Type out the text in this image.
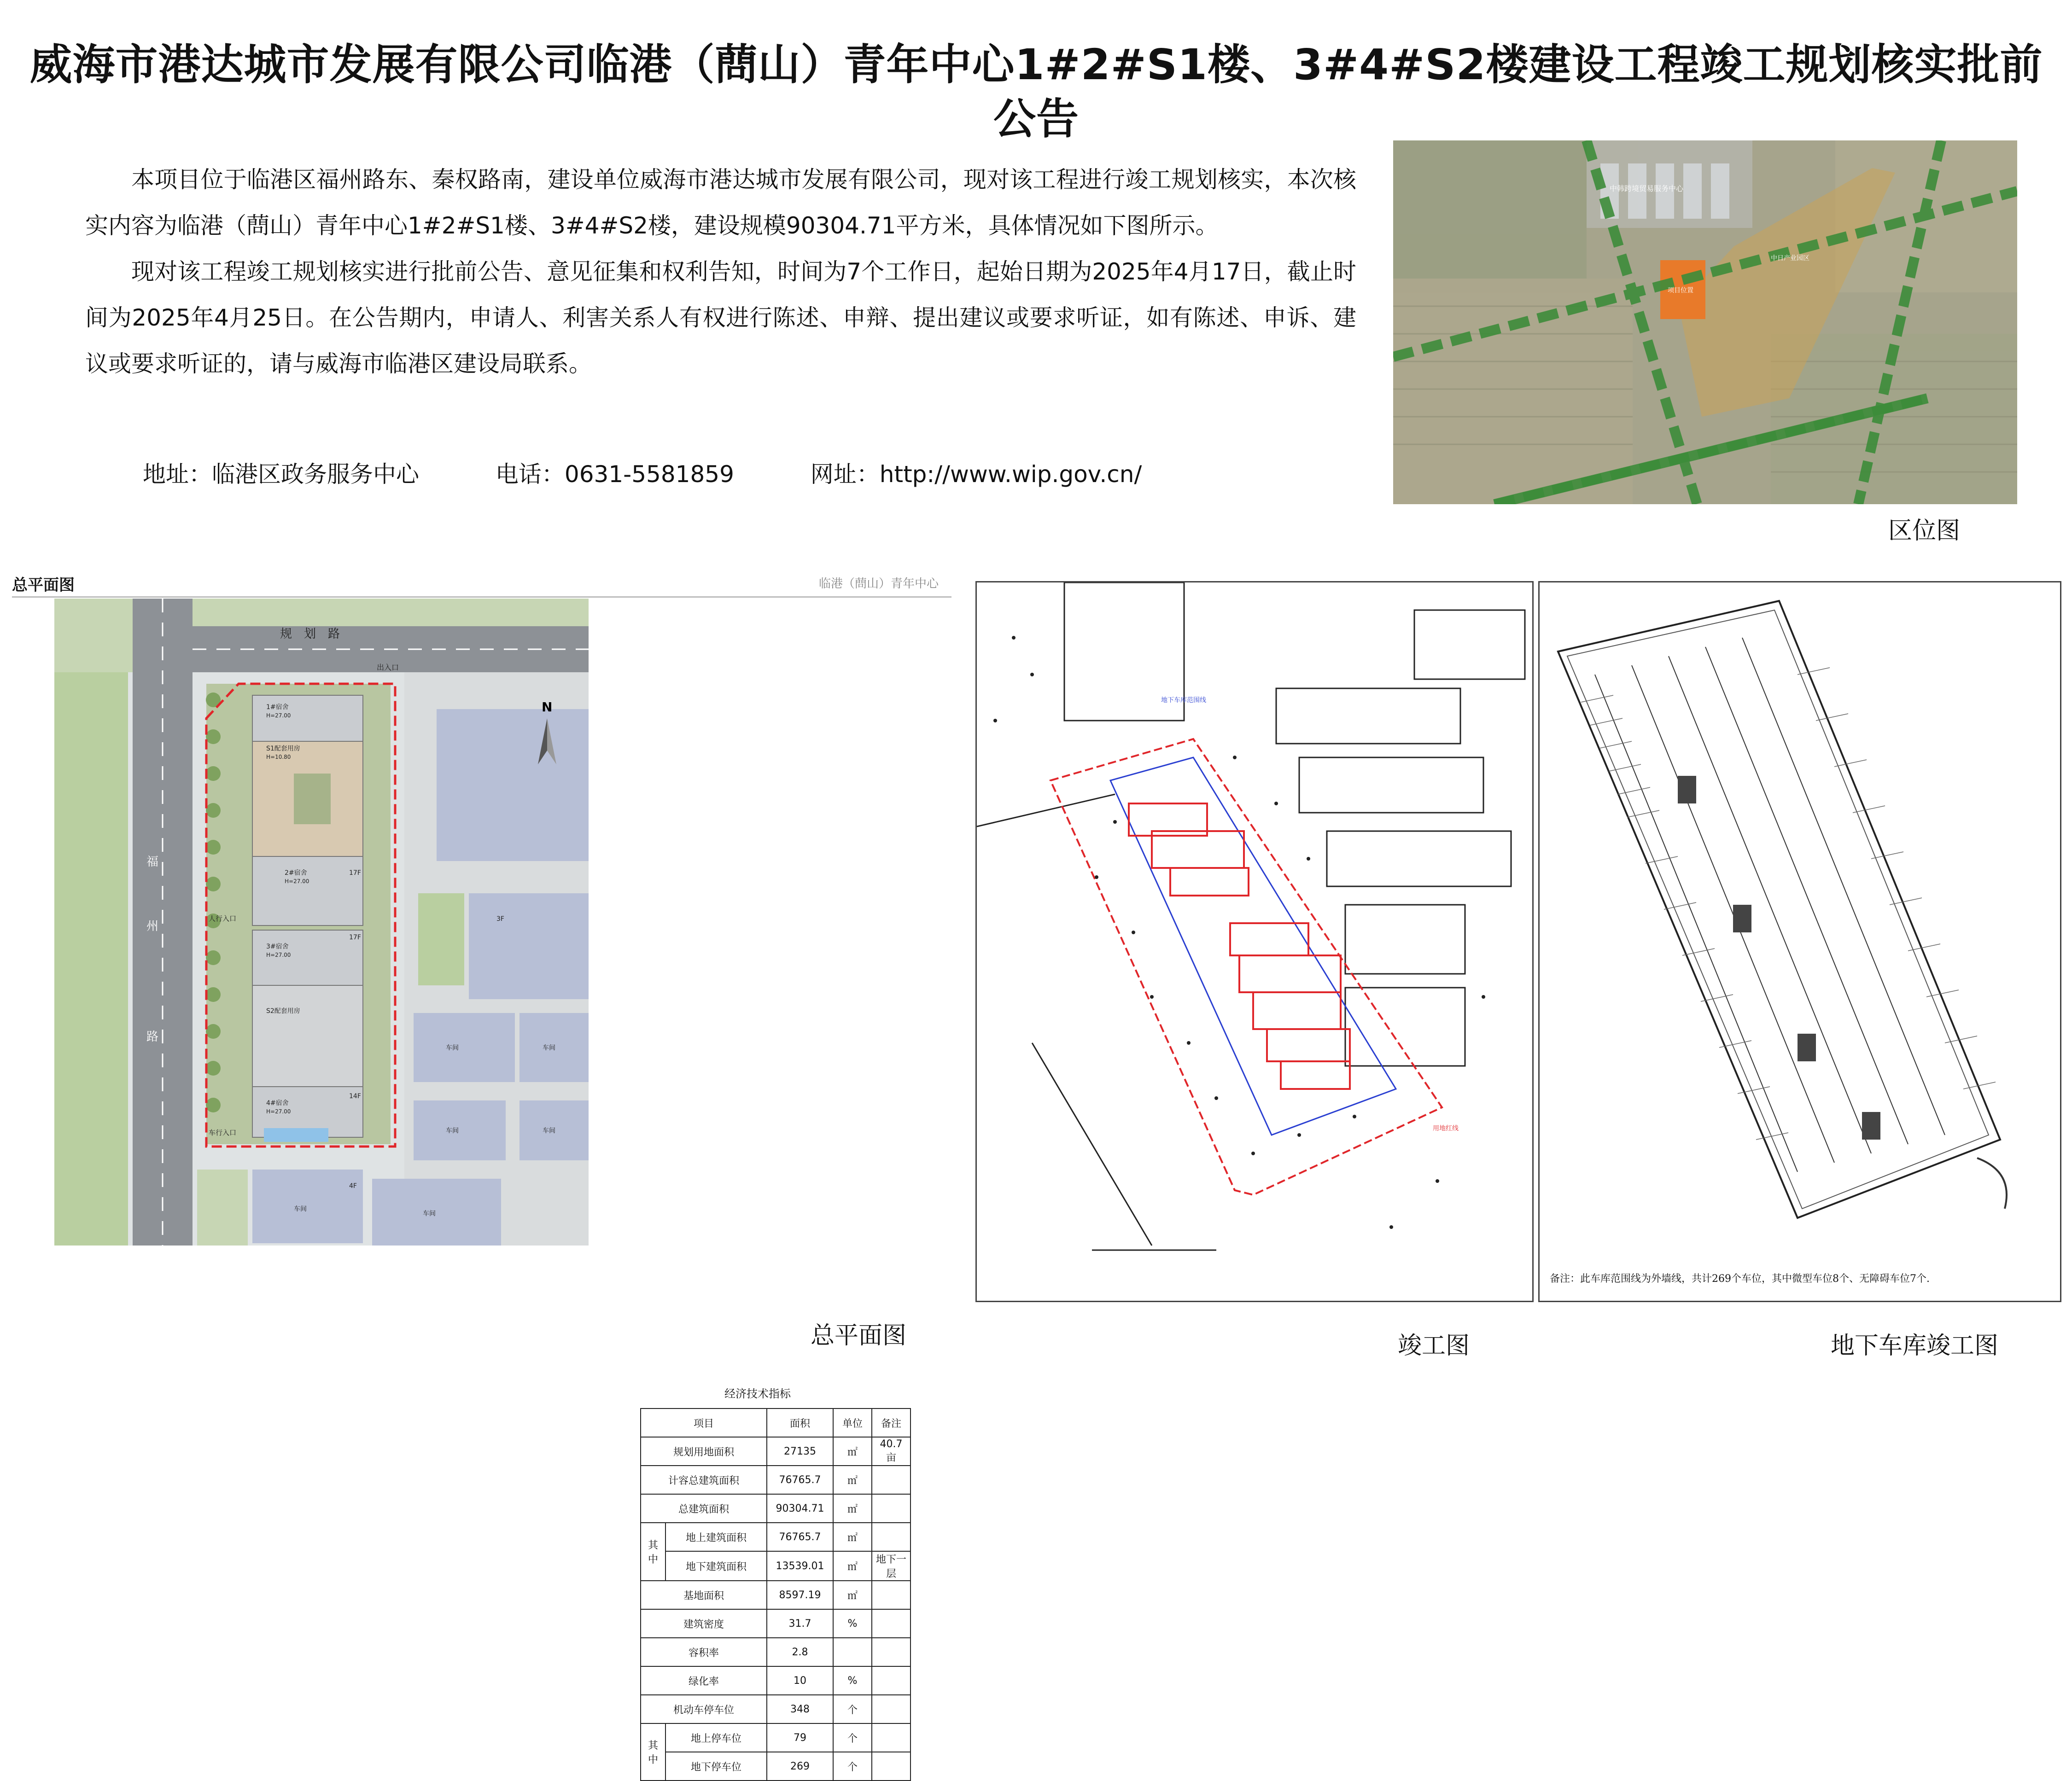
威海市港达城市发展有限公司临港（蔄山）青年中心1#2#S1楼、3#4#S2楼建设工程竣工规划核实批前公告

本项目位于临港区福州路东、秦权路南，建设单位威海市港达城市发展有限公司，现对该工程进行竣工规划核实，本次核实内容为临港（蔄山）青年中心1#2#S1楼、3#4#S2楼，建设规模90304.71平方米，具体情况如下图所示。

现对该工程竣工规划核实进行批前公告、意见征集和权利告知，时间为7个工作日，起始日期为2025年4月17日，截止时间为2025年4月25日。在公告期内，申请人、利害关系人有权进行陈述、申辩、提出建议或要求听证，如有陈述、申诉、建议或要求听证的，请与威海市临港区建设局联系。

地址：临港区政务服务中心	电话：0631-5581859	网址：http://www.wip.gov.cn/
中韩跨境贸易服务中心
项目位置
中日产业园区
区位图
总平面图	临港（蔄山）青年中心
规　划　路
出入口
人行入口
车行入口
1#宿舍
H=27.00
S1配套用房
H=10.80
2#宿舍
H=27.00
17F
3#宿舍
H=27.00
17F
S2配套用房
4#宿舍
H=27.00
14F
3F
车间	车间
车间	车间
车间
车间
4F
福
州
路
N
经济技术指标
项目		面积	单位	备注
规划用地面积		27135	㎡	40.7亩
计容总建筑面积		76765.7	㎡	
总建筑面积		90304.71	㎡	
其中	地上建筑面积	76765.7	㎡	
	地下建筑面积	13539.01	㎡	地下一层
基地面积		8597.19	㎡	
建筑密度		31.7	%	
容积率		2.8		
绿化率		10	%	
机动车停车位		348	个	
其中	地上停车位	79	个	
	地下停车位	269	个	
总平面图
地下车库范围线
用地红线
竣工图
备注：此车库范围线为外墙线，共计269个车位，其中微型车位8个、无障碍车位7个.
地下车库竣工图
